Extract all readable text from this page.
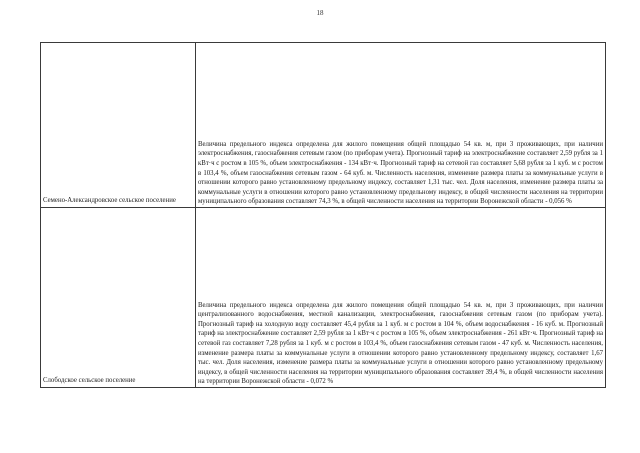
18
Семено-Александровское сельское поселение	Величина предельного индекса определена для жилого помещения общей площадью 54 кв. м, при 3 проживающих, при наличии электроснабжения, газоснабжения сетевым газом (по приборам учета). Прогнозный тариф на электроснабжение составляет 2,59 рубля за 1 кВт·ч с ростом в 105 %, объем электроснабжения - 134 кВт·ч. Прогнозный тариф на сетевой газ составляет 5,68 рубля за 1 куб. м с ростом в 103,4 %, объем газоснабжения сетевым газом - 64 куб. м. Численность населения, изменение размера платы за коммунальные услуги в отношении которого равно установленному предельному индексу, составляет 1,31 тыс. чел. Доля населения, изменение размера платы за коммунальные услуги в отношении которого равно установленному предельному индексу, в общей численности населения на территории муниципального образования составляет 74,3 %, в общей численности населения на территории Воронежской области - 0,056 %
Слободское сельское поселение	Величина предельного индекса определена для жилого помещения общей площадью 54 кв. м, при 3 проживающих, при наличии централизованного водоснабжения, местной канализации, электроснабжения, газоснабжения сетевым газом (по приборам учета). Прогнозный тариф на холодную воду составляет 45,4 рубля за 1 куб. м с ростом в 104 %, объем водоснабжения - 16 куб. м. Прогнозный тариф на электроснабжение составляет 2,59 рубля за 1 кВт·ч с ростом в 105 %, объем электроснабжения - 261 кВт·ч. Прогнозный тариф на сетевой газ составляет 7,28 рубля за 1 куб. м с ростом в 103,4 %, объем газоснабжения сетевым газом - 47 куб. м. Численность населения, изменение размера платы за коммунальные услуги в отношении которого равно установленному предельному индексу, составляет 1,67 тыс. чел. Доля населения, изменение размера платы за коммунальные услуги в отношении которого равно установленному предельному индексу, в общей численности населения на территории муниципального образования составляет 39,4 %, в общей численности населения на территории Воронежской области - 0,072 %
